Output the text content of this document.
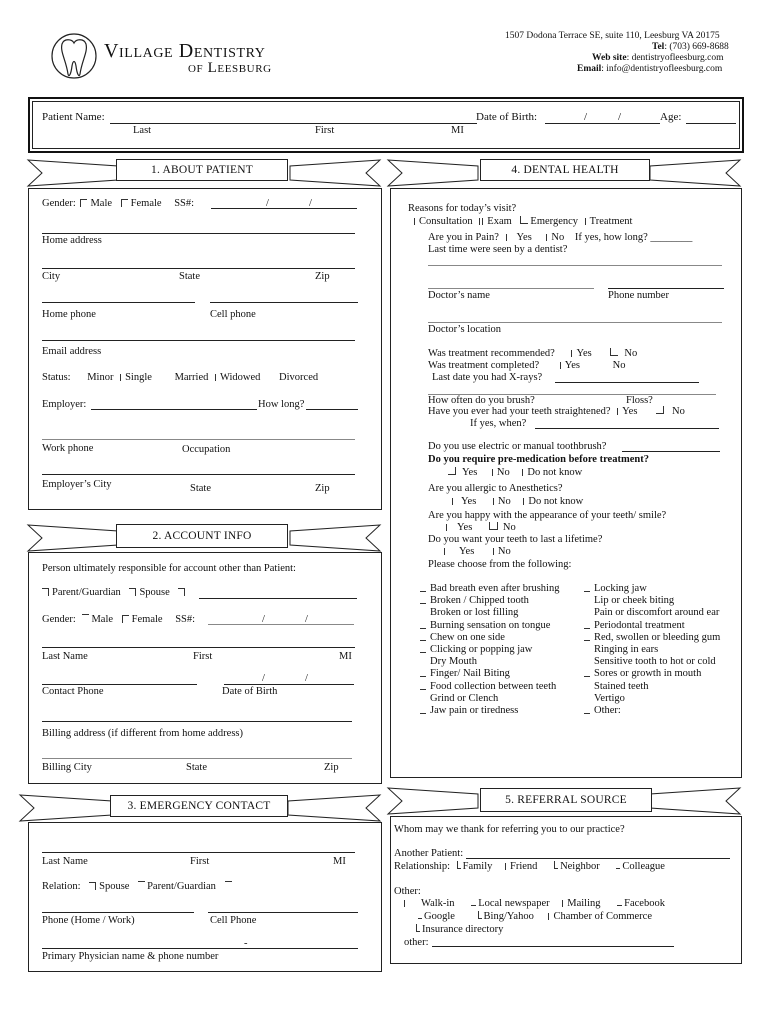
Village Dentistry
of Leesburg
1507 Dodona Terrace SE, suite 110, Leesburg VA 20175
Tel: (703) 669-8688
Web site: dentistryofleesburg.com
Email: info@dentistryofleesburg.com
Patient Name:	Date of Birth:	/	/	Age:
Last	First	MI
1. ABOUT PATIENT
Gender: Male Female SS#:	/	/
Home address
City	State	Zip
Home phone	Cell phone
Email address
Status: Minor Single Married Widowed Divorced
Employer:	How long?
Work phone	Occupation
Employer’s City	State	Zip
2. ACCOUNT INFO
Person ultimately responsible for account other than Patient:
Parent/Guardian Spouse
Gender: Male Female SS#:	/	/
Last Name	First	MI
/	/
Contact Phone	Date of Birth
Billing address (if different from home address)
Billing City	State	Zip
3. EMERGENCY CONTACT
Last Name	First	MI
Relation: Spouse Parent/Guardian
Phone (Home / Work)	Cell Phone
-
Primary Physician name & phone number
4. DENTAL HEALTH
Reasons for today’s visit?
Consultation Exam Emergency Treatment
Are you in Pain? Yes No If yes, how long? ________
Last time were seen by a dentist?
Doctor’s name	Phone number
Doctor’s location
Was treatment recommended? Yes	No
Was treatment completed? Yes	No
Last date you had X-rays?
How often do you brush?	Floss?
Have you ever had your teeth straightened? Yes	No
If yes, when?
Do you use electric or manual toothbrush?
Do you require pre-medication before treatment?
Yes No Do not know
Are you allergic to Anesthetics?
Yes No Do not know
Are you happy with the appearance of your teeth/ smile?
Yes	No
Do you want your teeth to last a lifetime?
Yes No
Please choose from the following:
Bad breath even after brushing
Broken / Chipped tooth
Broken or lost filling
Burning sensation on tongue
Chew on one side
Clicking or popping jaw
Dry Mouth
Finger/ Nail Biting
Food collection between teeth
Grind or Clench
Jaw pain or tiredness
Locking jaw
Lip or cheek biting
Pain or discomfort around ear
Periodontal treatment
Red, swollen or bleeding gum
Ringing in ears
Sensitive tooth to hot or cold
Sores or growth in mouth
Stained teeth
Vertigo
Other:
5. REFERRAL SOURCE
Whom may we thank for referring you to our practice?
Another Patient:
Relationship: Family Friend Neighbor Colleague
Other:
Walk-in Local newspaper Mailing Facebook
Google	Bing/Yahoo Chamber of Commerce
Insurance directory
other:
